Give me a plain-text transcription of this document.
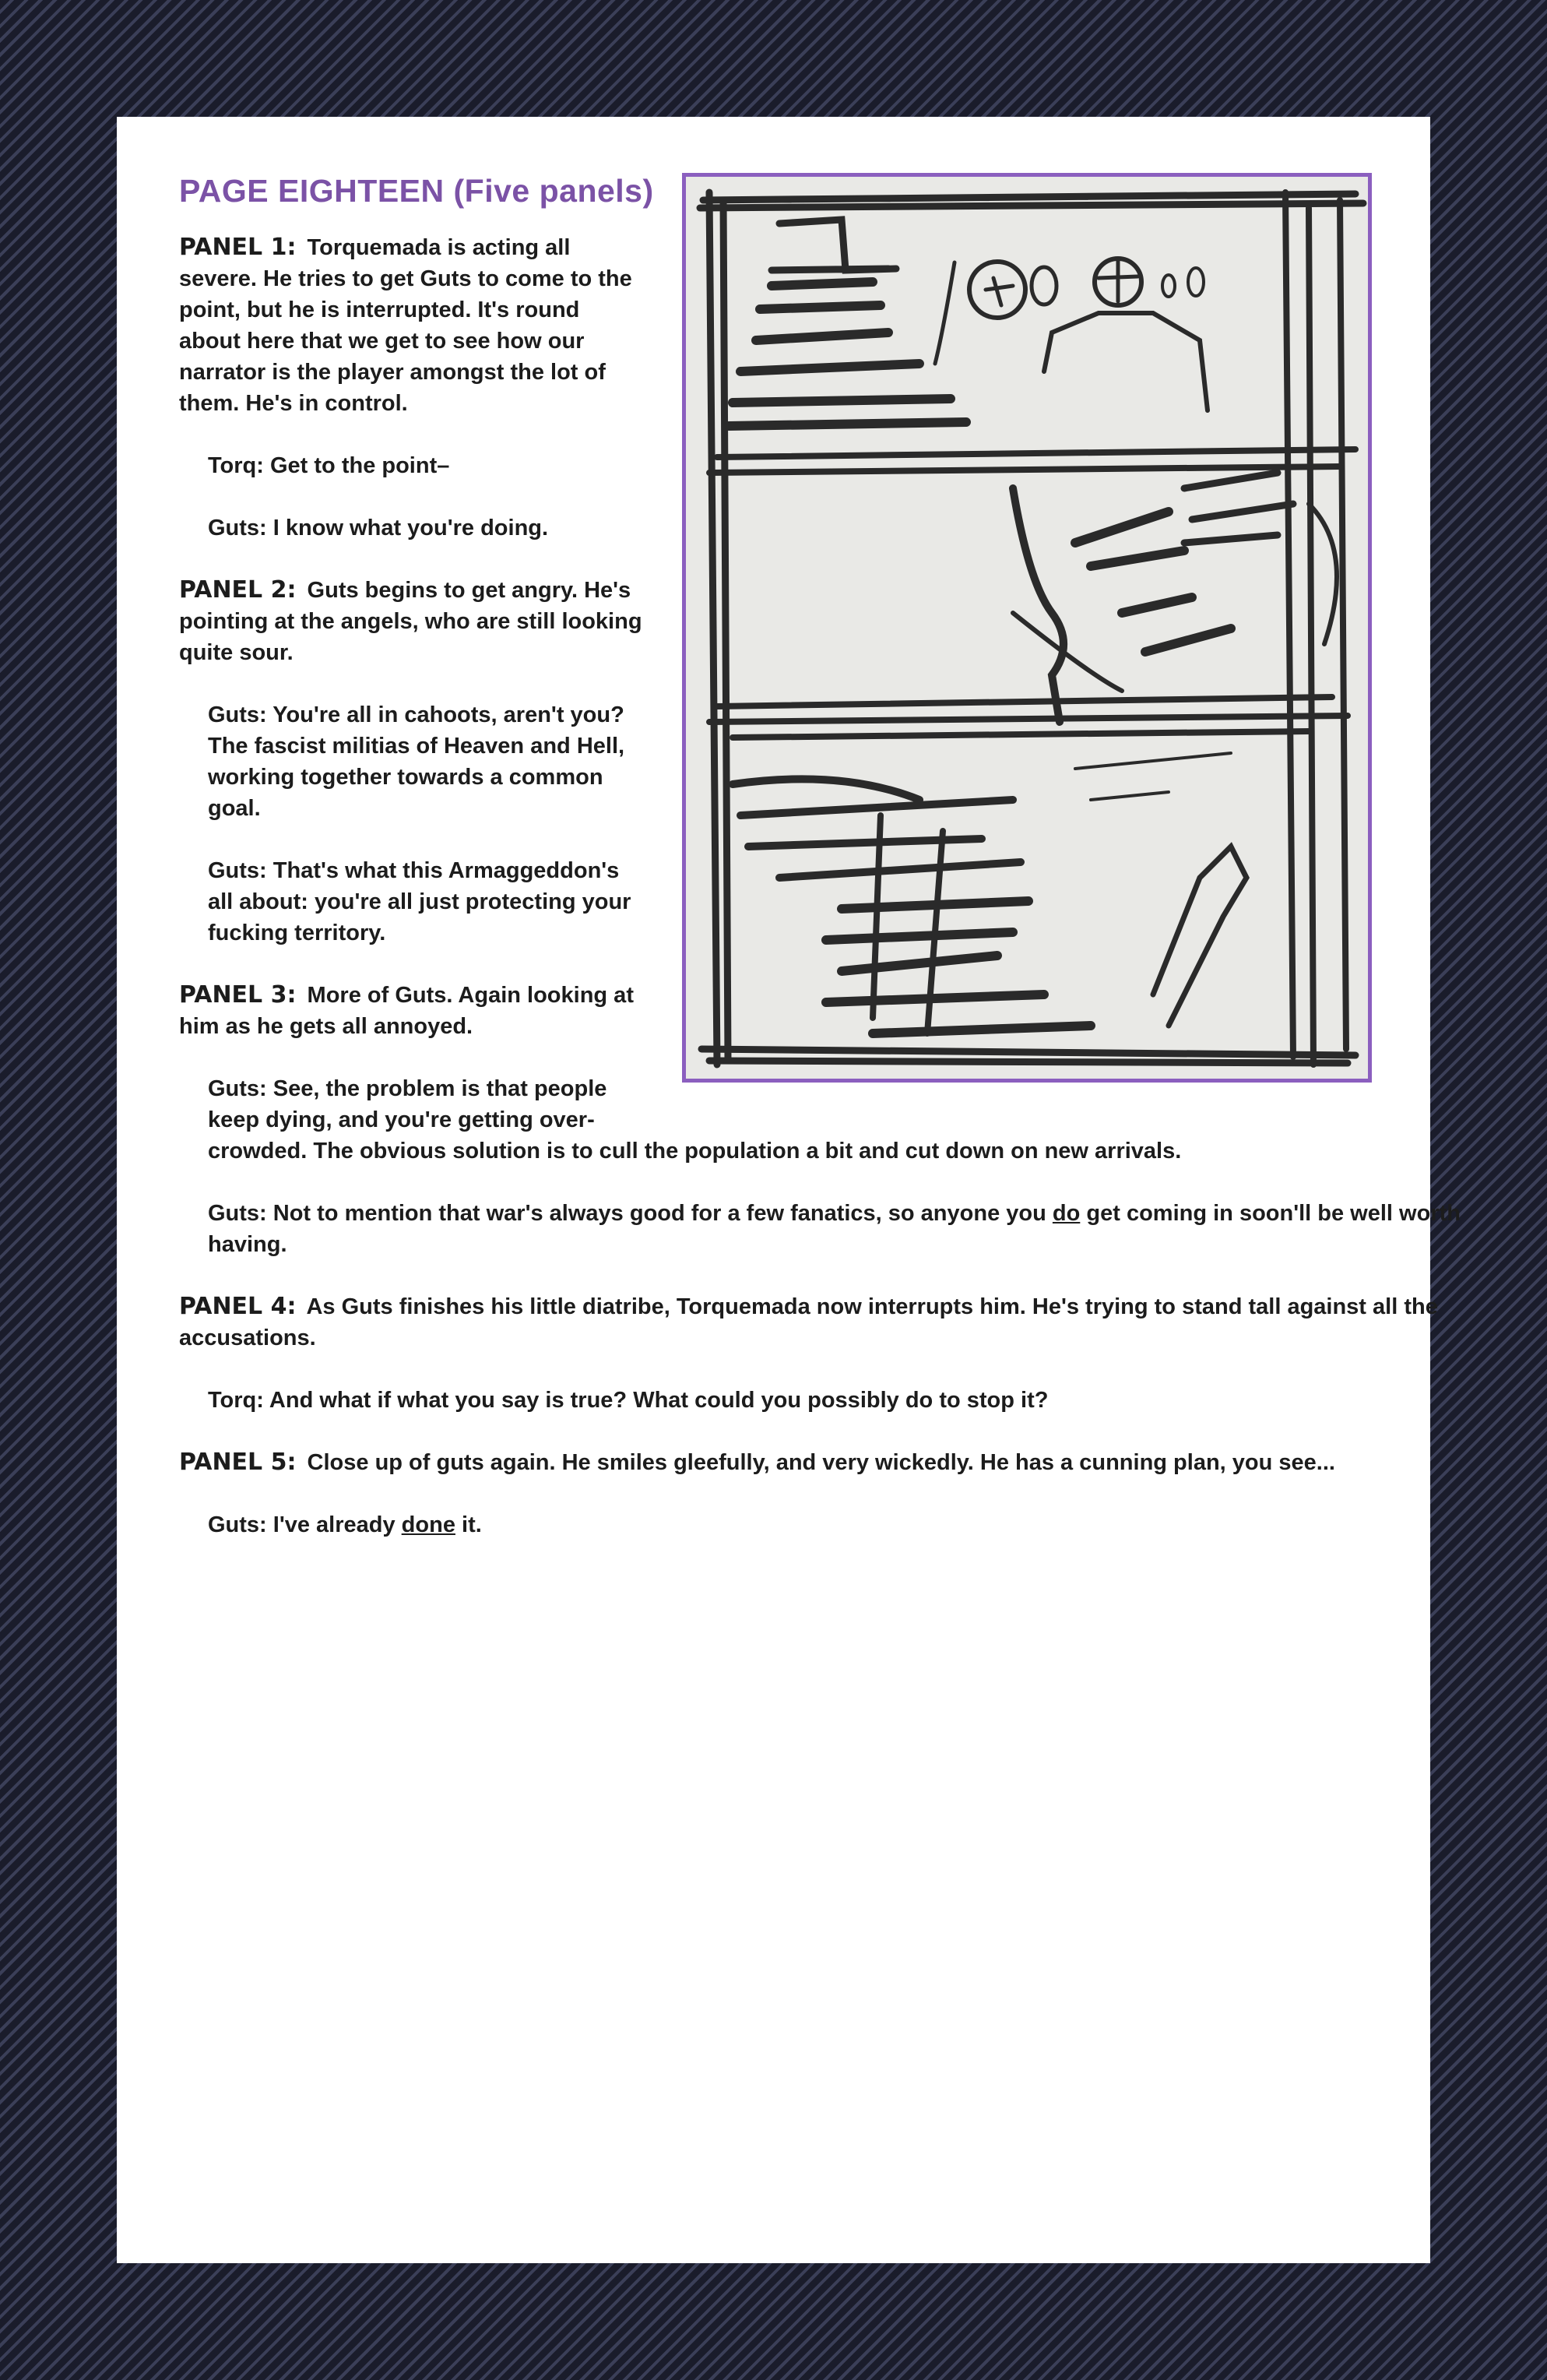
PAGE EIGHTEEN (Five panels)
PANEL 1: Torquemada is acting all severe. He tries to get Guts to come to the point, but he is interrupted. It's round about here that we get to see how our narrator is the player amongst the lot of them. He's in control.
Torq: Get to the point–
Guts: I know what you're doing.
PANEL 2: Guts begins to get angry. He's pointing at the angels, who are still looking quite sour.
Guts: You're all in cahoots, aren't you? The fascist militias of Heaven and Hell, working together towards a common goal.
Guts: That's what this Armaggeddon's all about: you're all just protecting your fucking territory.
PANEL 3: More of Guts. Again looking at him as he gets all annoyed.
Guts: See, the problem is that people
keep dying, and you're getting over-
crowded. The obvious solution is to cull the population a bit and cut down on new arrivals.
Guts: Not to mention that war's always good for a few fanatics, so anyone you do get coming in soon'll be well worth having.
PANEL 4: As Guts finishes his little diatribe, Torquemada now interrupts him. He's trying to stand tall against all the accusations.
Torq: And what if what you say is true? What could you possibly do to stop it?
PANEL 5: Close up of guts again. He smiles gleefully, and very wickedly. He has a cunning plan, you see...
Guts: I've already done it.
